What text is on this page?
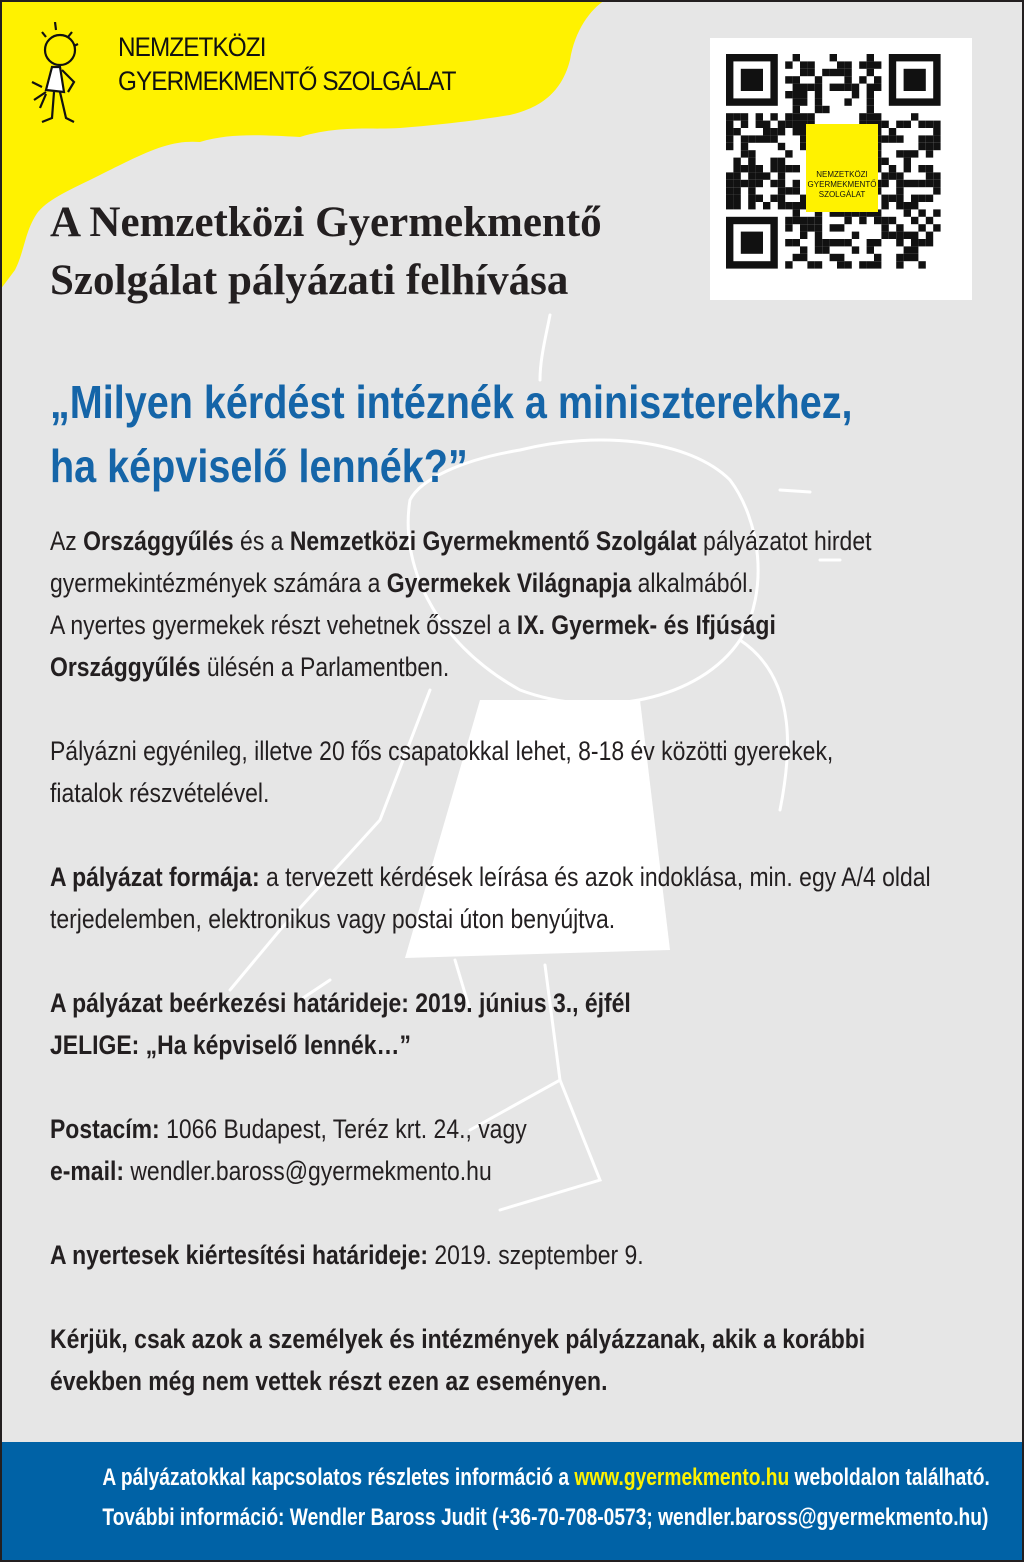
NEMZETKÖZI
GYERMEKMENTŐ SZOLGÁLAT
A Nemzetközi Gyermekmentő
Szolgálat pályázati felhívása
NEMZETKÖZI
GYERMEKMENTŐ
SZOLGÁLAT
„Milyen kérdést intéznék a miniszterekhez,
ha képviselő lennék?”
Az Országgyűlés és a Nemzetközi Gyermekmentő Szolgálat pályázatot hirdet
gyermekintézmények számára a Gyermekek Világnapja alkalmából.
A nyertes gyermekek részt vehetnek ősszel a IX. Gyermek- és Ifjúsági
Országgyűlés ülésén a Parlamentben.
Pályázni egyénileg, illetve 20 fős csapatokkal lehet, 8-18 év közötti gyerekek,
fiatalok részvételével.
A pályázat formája: a tervezett kérdések leírása és azok indoklása, min. egy A/4 oldal
terjedelemben, elektronikus vagy postai úton benyújtva.
A pályázat beérkezési határideje: 2019. június 3., éjfél
JELIGE: „Ha képviselő lennék…”
Postacím: 1066 Budapest, Teréz krt. 24., vagy
e-mail: wendler.baross@gyermekmento.hu
A nyertesek kiértesítési határideje: 2019. szeptember 9.
Kérjük, csak azok a személyek és intézmények pályázzanak, akik a korábbi
években még nem vettek részt ezen az eseményen.
A pályázatokkal kapcsolatos részletes információ a www.gyermekmento.hu weboldalon található.
További információ: Wendler Baross Judit (+36-70-708-0573; wendler.baross@gyermekmento.hu)
